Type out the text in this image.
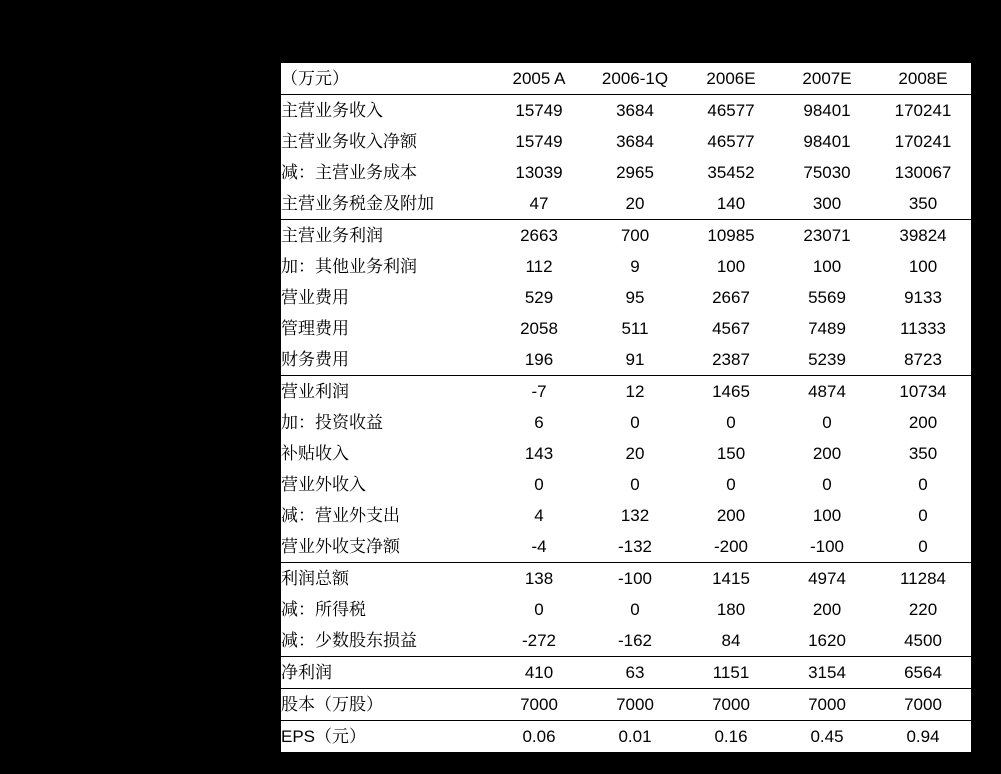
（万元）	2005 A	2006-1Q	2006E	2007E	2008E
主营业务收入	15749	3684	46577	98401	170241
主营业务收入净额	15749	3684	46577	98401	170241
减：主营业务成本	13039	2965	35452	75030	130067
主营业务税金及附加	47	20	140	300	350
主营业务利润	2663	700	10985	23071	39824
加：其他业务利润	112	9	100	100	100
营业费用	529	95	2667	5569	9133
管理费用	2058	511	4567	7489	11333
财务费用	196	91	2387	5239	8723
营业利润	-7	12	1465	4874	10734
加：投资收益	6	0	0	0	200
补贴收入	143	20	150	200	350
营业外收入	0	0	0	0	0
减：营业外支出	4	132	200	100	0
营业外收支净额	-4	-132	-200	-100	0
利润总额	138	-100	1415	4974	11284
减：所得税	0	0	180	200	220
减：少数股东损益	-272	-162	84	1620	4500
净利润	410	63	1151	3154	6564
股本（万股）	7000	7000	7000	7000	7000
EPS（元）	0.06	0.01	0.16	0.45	0.94
